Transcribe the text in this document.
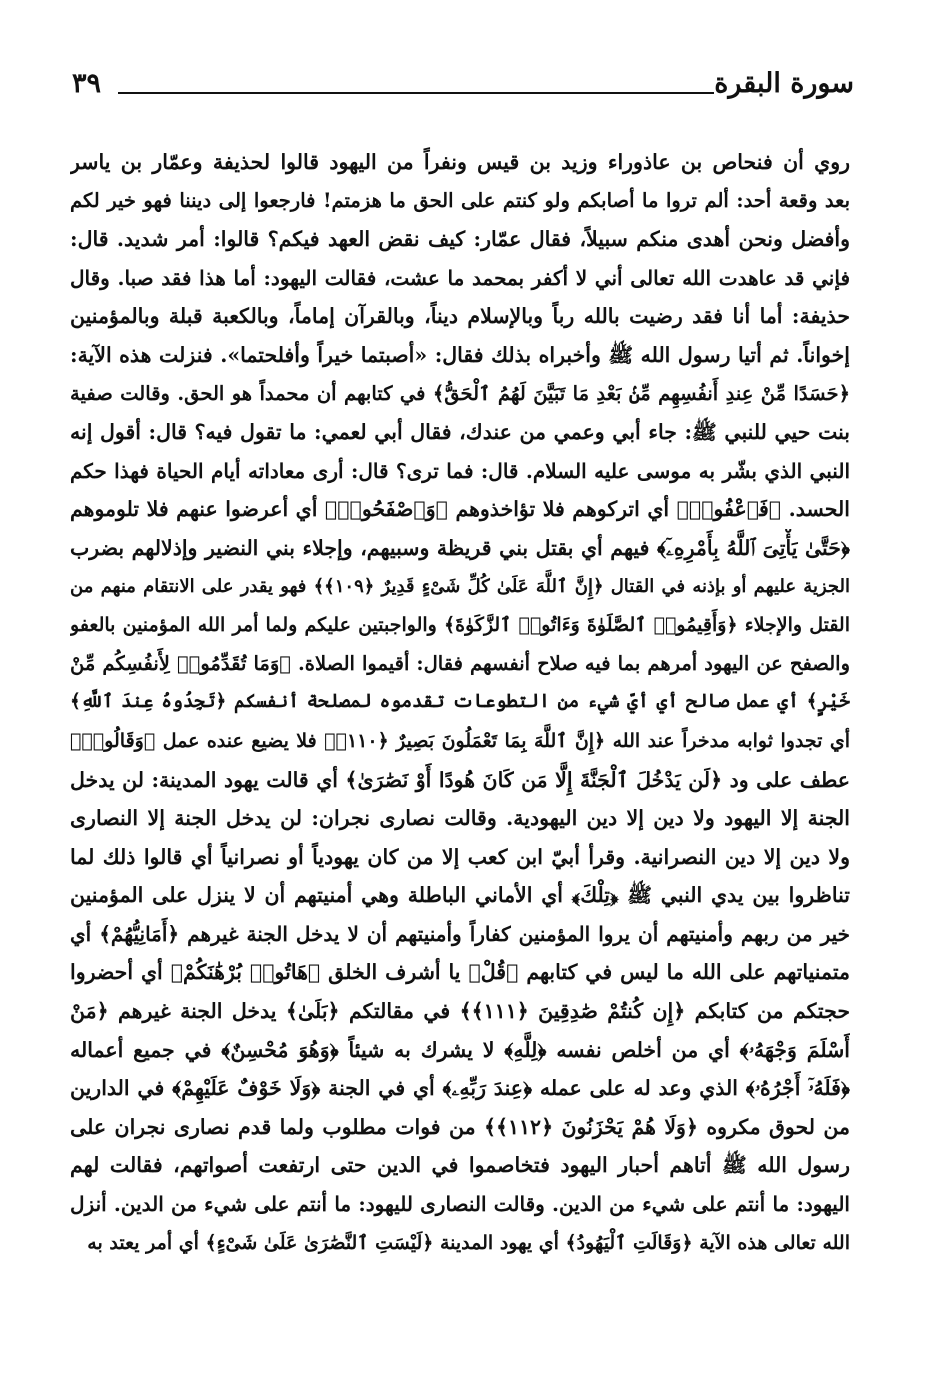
سورة البقرة
٣٩
روي أن فنحاص بن عاذوراء وزيد بن قيس ونفراً من اليهود قالوا لحذيفة وعمّار بن ياسر
بعد وقعة أحد: ألم تروا ما أصابكم ولو كنتم على الحق ما هزمتم! فارجعوا إلى ديننا فهو خير لكم
وأفضل ونحن أهدى منكم سبيلاً، فقال عمّار: كيف نقض العهد فيكم؟ قالوا: أمر شديد. قال:
فإني قد عاهدت الله تعالى أني لا أكفر بمحمد ما عشت، فقالت اليهود: أما هذا فقد صبا. وقال
حذيفة: أما أنا فقد رضيت بالله رباً وبالإسلام ديناً، وبالقرآن إماماً، وبالكعبة قبلة وبالمؤمنين
إخواناً. ثم أتيا رسول الله ﷺ وأخبراه بذلك فقال: «أصبتما خيراً وأفلحتما». فنزلت هذه الآية:
﴿حَسَدًا مِّنْ عِندِ أَنفُسِهِم مِّنۢ بَعْدِ مَا تَبَيَّنَ لَهُمُ ٱلْحَقُّ﴾ في كتابهم أن محمداً هو الحق. وقالت صفية
بنت حيي للنبي ﷺ: جاء أبي وعمي من عندك، فقال أبي لعمي: ما تقول فيه؟ قال: أقول إنه
النبي الذي بشّر به موسى عليه السلام. قال: فما ترى؟ قال: أرى معاداته أيام الحياة فهذا حكم
الحسد. ﴿فَٱعْفُوا۟﴾ أي اتركوهم فلا تؤاخذوهم ﴿وَٱصْفَحُوا۟﴾ أي أعرضوا عنهم فلا تلوموهم
﴿حَتَّىٰ يَأْتِىَ ٱللَّهُ بِأَمْرِهِۦٓ﴾ فيهم أي بقتل بني قريظة وسبيهم، وإجلاء بني النضير وإذلالهم بضرب
الجزية عليهم أو بإذنه في القتال ﴿إِنَّ ٱللَّهَ عَلَىٰ كُلِّ شَىْءٍ قَدِيرٌ ﴿١٠٩﴾﴾ فهو يقدر على الانتقام منهم من
القتل والإجلاء ﴿وَأَقِيمُوا۟ ٱلصَّلَوٰةَ وَءَاتُوا۟ ٱلزَّكَوٰةَ﴾ والواجبتين عليكم ولما أمر الله المؤمنين بالعفو
والصفح عن اليهود أمرهم بما فيه صلاح أنفسهم فقال: أقيموا الصلاة. ﴿وَمَا تُقَدِّمُوا۟ لِأَنفُسِكُم مِّنْ
خَيْرٍ﴾ أي عمل صالح أي أيّ شيء من التطوعات تقدموه لمصلحة أنفسكم ﴿تَجِدُوهُ عِندَ ٱللَّهِ﴾
أي تجدوا ثوابه مدخراً عند الله ﴿إِنَّ ٱللَّهَ بِمَا تَعْمَلُونَ بَصِيرٌ ﴿١١٠﴾﴾ فلا يضيع عنده عمل ﴿وَقَالُوا۟﴾
عطف على ود ﴿لَن يَدْخُلَ ٱلْجَنَّةَ إِلَّا مَن كَانَ هُودًا أَوْ نَصَٰرَىٰ﴾ أي قالت يهود المدينة: لن يدخل
الجنة إلا اليهود ولا دين إلا دين اليهودية. وقالت نصارى نجران: لن يدخل الجنة إلا النصارى
ولا دين إلا دين النصرانية. وقرأ أبيّ ابن كعب إلا من كان يهودياً أو نصرانياً أي قالوا ذلك لما
تناظروا بين يدي النبي ﷺ ﴿تِلْكَ﴾ أي الأماني الباطلة وهي أمنيتهم أن لا ينزل على المؤمنين
خير من ربهم وأمنيتهم أن يروا المؤمنين كفاراً وأمنيتهم أن لا يدخل الجنة غيرهم ﴿أَمَانِيُّهُمْ﴾ أي
متمنياتهم على الله ما ليس في كتابهم ﴿قُلْ﴾ يا أشرف الخلق ﴿هَاتُوا۟ بُرْهَٰنَكُمْ﴾ أي أحضروا
حجتكم من كتابكم ﴿إِن كُنتُمْ صَٰدِقِينَ ﴿١١١﴾﴾ في مقالتكم ﴿بَلَىٰ﴾ يدخل الجنة غيرهم ﴿مَنْ
أَسْلَمَ وَجْهَهُۥ﴾ أي من أخلص نفسه ﴿لِلَّهِ﴾ لا يشرك به شيئاً ﴿وَهُوَ مُحْسِنٌ﴾ في جميع أعماله
﴿فَلَهُۥٓ أَجْرُهُۥ﴾ الذي وعد له على عمله ﴿عِندَ رَبِّهِۦ﴾ أي في الجنة ﴿وَلَا خَوْفٌ عَلَيْهِمْ﴾ في الدارين
من لحوق مكروه ﴿وَلَا هُمْ يَحْزَنُونَ ﴿١١٢﴾﴾ من فوات مطلوب ولما قدم نصارى نجران على
رسول الله ﷺ أتاهم أحبار اليهود فتخاصموا في الدين حتى ارتفعت أصواتهم، فقالت لهم
اليهود: ما أنتم على شيء من الدين. وقالت النصارى لليهود: ما أنتم على شيء من الدين. أنزل
الله تعالى هذه الآية ﴿وَقَالَتِ ٱلْيَهُودُ﴾ أي يهود المدينة ﴿لَيْسَتِ ٱلنَّصَٰرَىٰ عَلَىٰ شَىْءٍ﴾ أي أمر يعتد به
